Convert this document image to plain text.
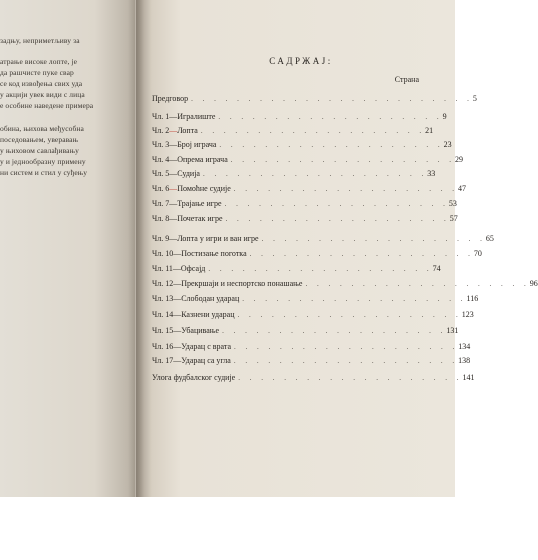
задњу, неприметљиву за
атрање високе лопте, је
да рашчисте пуке свар
се код извођења свих уда
у акцији увек види с лица
е особине наведене примера
обина, њихова међусобна
поседовањем, уверавањ
у њиховом савлађивању
у и једнообразну примену
ни систем и стил у суђењу
САДРЖАЈ:
Страна
Предговор . . . . . . . . . . . . . . . . . . . . . . . . . 5
Чл. 1 — Игралиште . . . . . . . . . . . . . . . . . . . . 9
Чл. 2 — Лопта . . . . . . . . . . . . . . . . . . . . 21
Чл. 3 — Број играча . . . . . . . . . . . . . . . . . . . . 23
Чл. 4 — Опрема играча . . . . . . . . . . . . . . . . . . . . 29
Чл. 5 — Судија . . . . . . . . . . . . . . . . . . . . 33
Чл. 6 — Помоћне судије . . . . . . . . . . . . . . . . . . . . 47
Чл. 7 — Трајање игре . . . . . . . . . . . . . . . . . . . . 53
Чл. 8 — Почетак игре . . . . . . . . . . . . . . . . . . . . 57
Чл. 9 — Лопта у игри и ван игре . . . . . . . . . . . . . . . . . . . . 65
Чл. 10 — Постизање поготка . . . . . . . . . . . . . . . . . . . . 70
Чл. 11 — Офсајд . . . . . . . . . . . . . . . . . . . . 74
Чл. 12 — Прекршаји и неспортско понашање . . . . . . . . . . . . . . . . . . . . 96
Чл. 13 — Слободан ударац . . . . . . . . . . . . . . . . . . . . 116
Чл. 14 — Казнени ударац . . . . . . . . . . . . . . . . . . . . 123
Чл. 15 — Убацивање . . . . . . . . . . . . . . . . . . . . 131
Чл. 16 — Ударац с врата . . . . . . . . . . . . . . . . . . . . 134
Чл. 17 — Ударац са угла . . . . . . . . . . . . . . . . . . . . 138
Улога фудбалског судије . . . . . . . . . . . . . . . . . . . . 141
